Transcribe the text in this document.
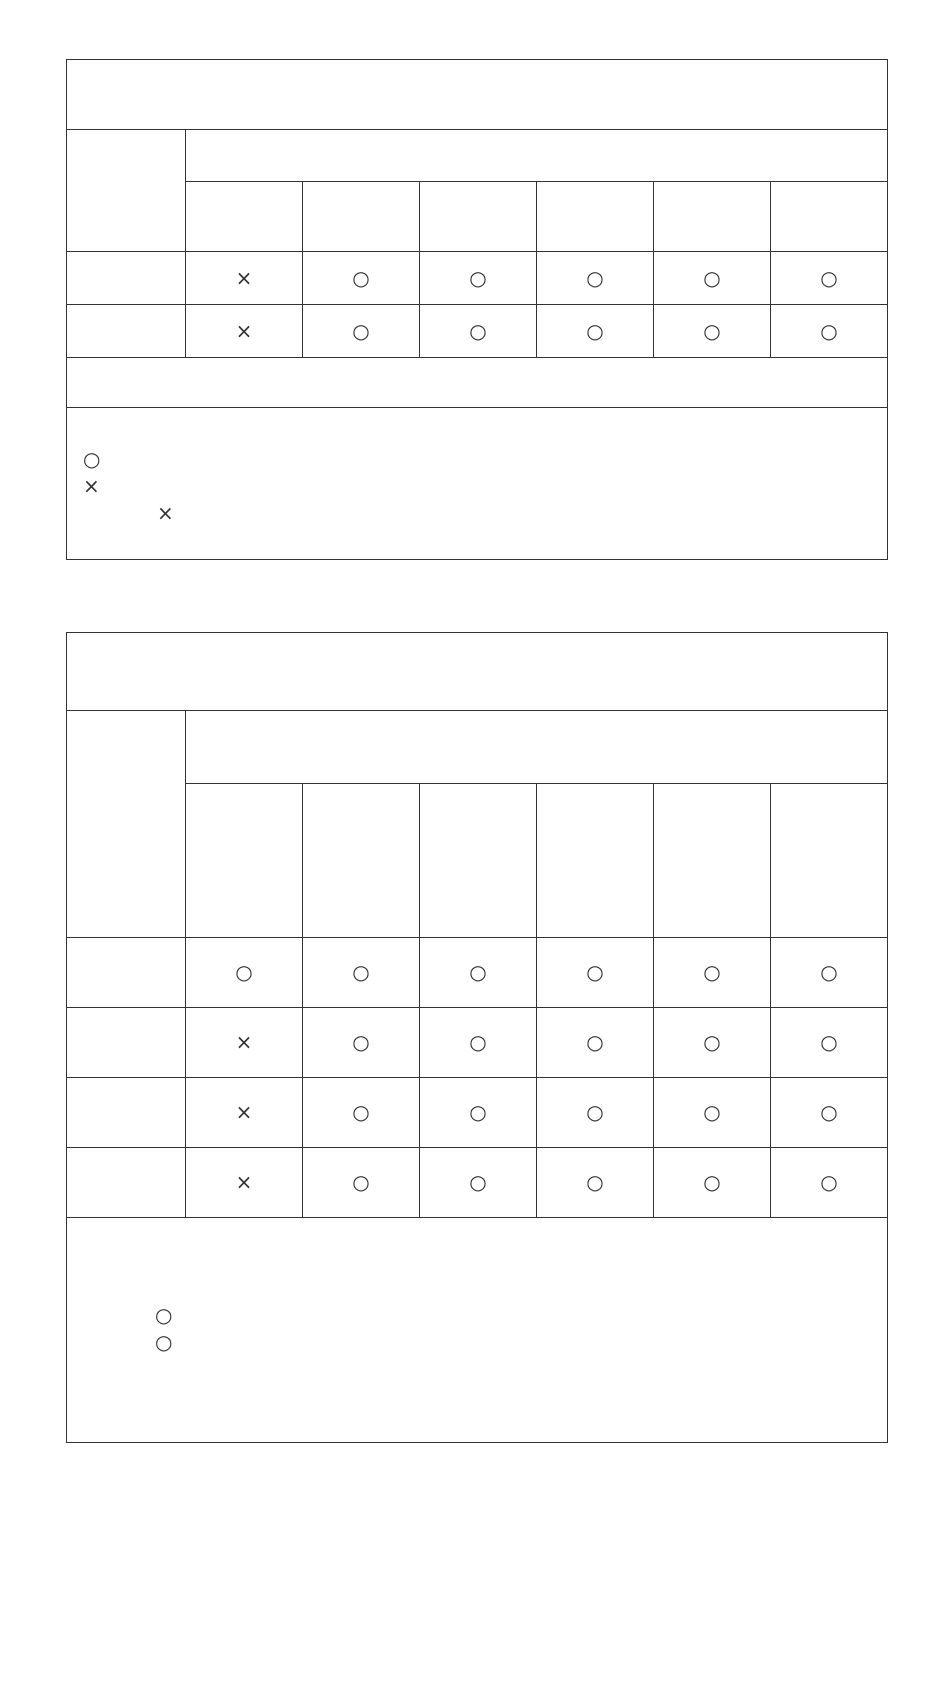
	×	○	○	○	○	○
	×	○	○	○	○	○

○
×
×						

	○	○	○	○	○	○
	×	○	○	○	○	○
	×	○	○	○	○	○
	×	○	○	○	○	○

○
○						
